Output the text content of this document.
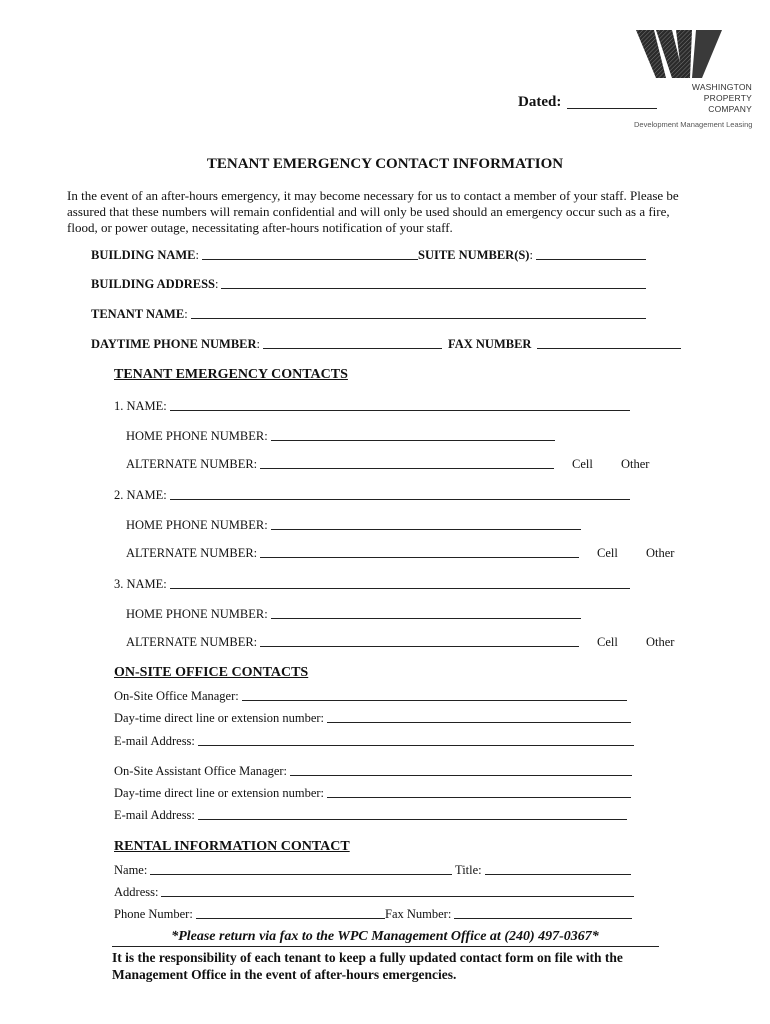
WASHINGTON
PROPERTY
COMPANY
Development Management Leasing
Dated:
TENANT EMERGENCY CONTACT INFORMATION
In the event of an after-hours emergency, it may become necessary for us to contact a member of your staff. Please be
assured that these numbers will remain confidential and will only be used should an emergency occur such as a fire,
flood, or power outage, necessitating after-hours notification of your staff.
BUILDING NAME :	SUITE NUMBER(S) :
BUILDING ADDRESS :
TENANT NAME :
DAYTIME PHONE NUMBER :	FAX NUMBER
TENANT EMERGENCY CONTACTS
1. NAME:
HOME PHONE NUMBER:
ALTERNATE NUMBER:	Cell Other
2. NAME:
HOME PHONE NUMBER:
ALTERNATE NUMBER:	Cell Other
3. NAME:
HOME PHONE NUMBER:
ALTERNATE NUMBER:	Cell Other
ON-SITE OFFICE CONTACTS
On-Site Office Manager:
Day-time direct line or extension number:
E-mail Address:
On-Site Assistant Office Manager:
Day-time direct line or extension number:
E-mail Address:
RENTAL INFORMATION CONTACT
Name:	Title:
Address:
Phone Number:	Fax Number:
*Please return via fax to the WPC Management Office at (240) 497-0367*
It is the responsibility of each tenant to keep a fully updated contact form on file with the
Management Office in the event of after-hours emergencies.
